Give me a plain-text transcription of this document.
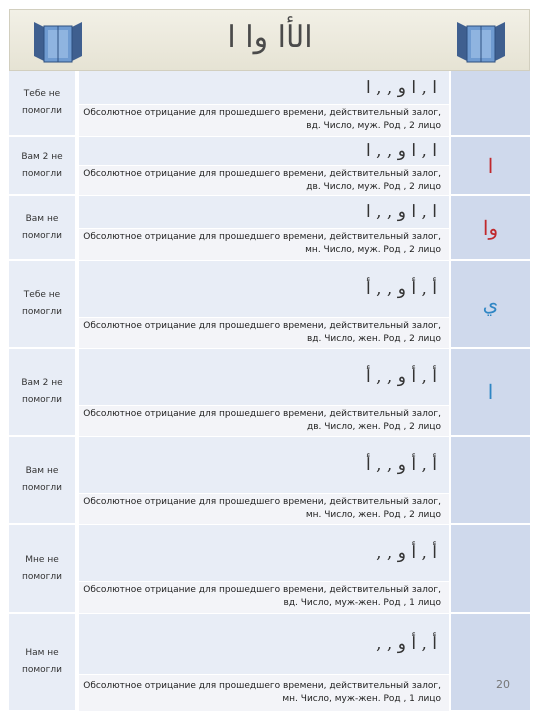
الأا وا ا
Тебе не помогли
ا , ا و , , ا
Обсолютное отрицание для прошедшего времени, действительный залог,
вд. Число, муж. Род , 2 лицо
Вам 2 не помогли
ا , ا و , , ا
Обсолютное отрицание для прошедшего времени, действительный залог,
дв. Число, муж. Род , 2 лицо
ا
Вам не помогли
ا , ا و , , ا
Обсолютное отрицание для прошедшего времени, действительный залог,
мн. Число, муж. Род , 2 лицо
وا
Тебе не помогли
أ , أ و , , أ
Обсолютное отрицание для прошедшего времени, действительный залог,
вд. Число, жен. Род , 2 лицо
ي
Вам 2 не помогли
أ , أ و , , أ
Обсолютное отрицание для прошедшего времени, действительный залог,
дв. Число, жен. Род , 2 лицо
ا
Вам не помогли
أ , أ و , , أ
Обсолютное отрицание для прошедшего времени, действительный залог,
мн. Число, жен. Род , 2 лицо
Мне не помогли
أ , أ و , ,
Обсолютное отрицание для прошедшего времени, действительный залог,
вд. Число, муж-жен. Род , 1 лицо
Нам не помогли
أ , أ و , ,
Обсолютное отрицание для прошедшего времени, действительный залог,
мн. Число, муж-жен. Род , 1 лицо
20
